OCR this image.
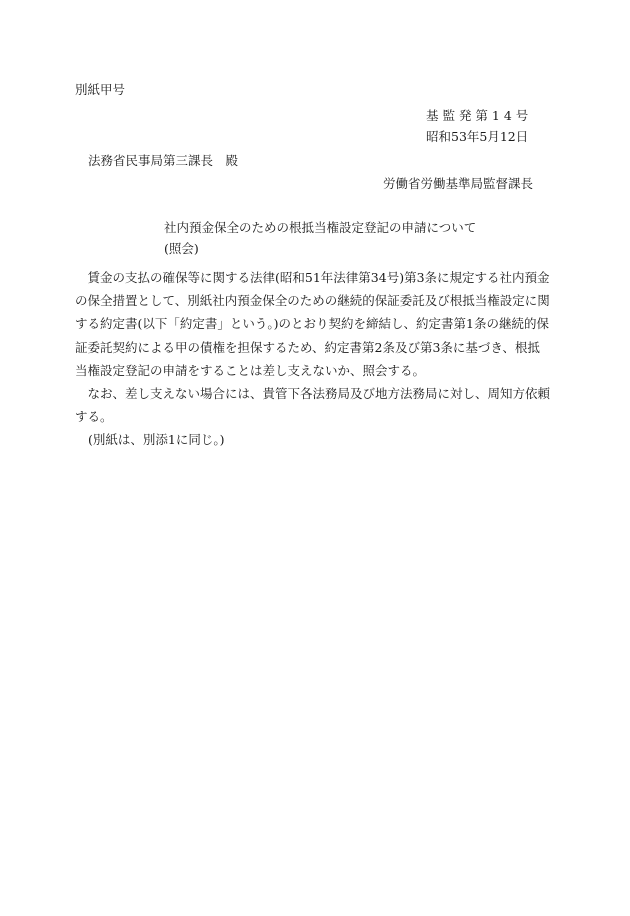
別紙甲号
基 監 発 第 1 4 号
昭和53年5月12日
法務省民事局第三課長　殿
労働省労働基準局監督課長
社内預金保全のための根抵当権設定登記の申請について
(照会)

賃金の支払の確保等に関する法律(昭和51年法律第34号)第3条に規定する社内預金の保全措置として、別紙社内預金保全のための継続的保証委託及び根抵当権設定に関する約定書(以下「約定書」という。)のとおり契約を締結し、約定書第1条の継続的保証委託契約による甲の債権を担保するため、約定書第2条及び第3条に基づき、根抵当権設定登記の申請をすることは差し支えないか、照会する。

なお、差し支えない場合には、貴管下各法務局及び地方法務局に対し、周知方依頼する。

(別紙は、別添1に同じ。)
